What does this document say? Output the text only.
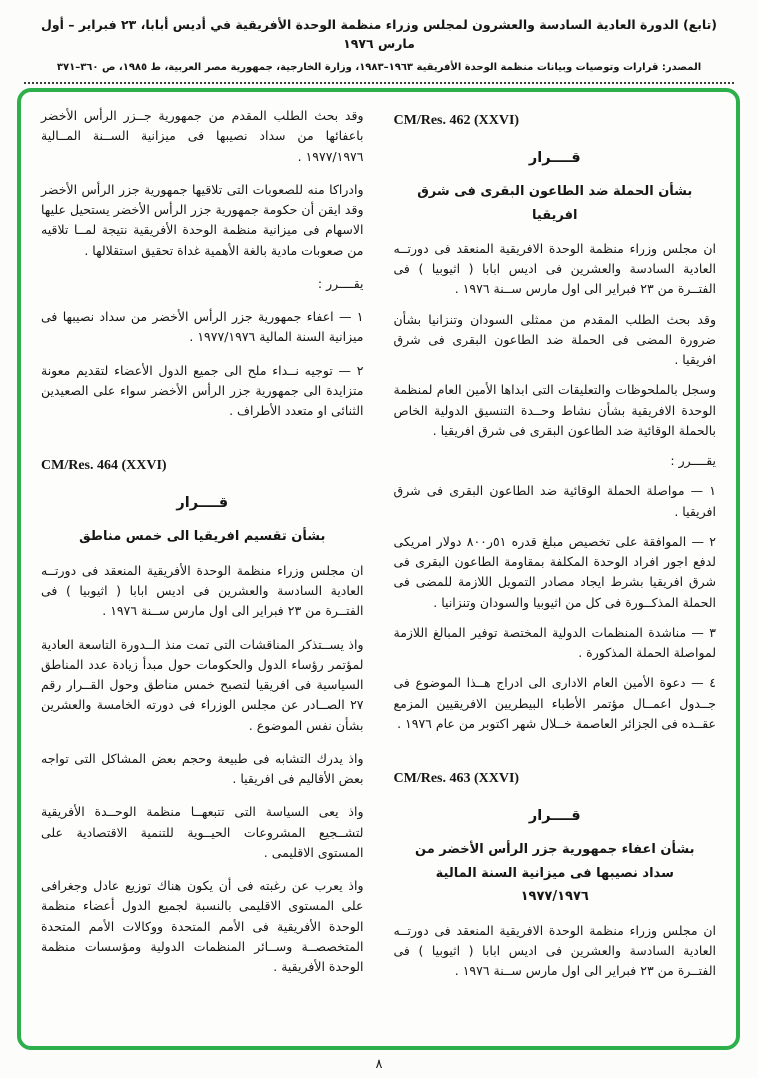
(تابع) الدورة العادية السادسة والعشرون لمجلس وزراء منظمة الوحدة الأفريقية في أديس أبابا، ٢٣ فبراير – أول مارس ١٩٧٦
المصدر: قرارات وتوصيات وبيانات منظمة الوحدة الأفريقية ١٩٦٣–١٩٨٣، وزارة الخارجية، جمهورية مصر العربية، ط ١٩٨٥، ص ٣٦٠–٣٧١
CM/Res. 462 (XXVI)
قــــرار
بشأن الحملة ضد الطاعون البقرى فى شرق افريقيا

ان مجلس وزراء منظمة الوحدة الافريقية المنعقد فى دورتــه العادية السادسة والعشرين فى اديس ابابا ( اثيوبيا ) فى الفتــرة من ٢٣ فبراير الى اول مارس ســنة ١٩٧٦ .

وقد بحث الطلب المقدم من ممثلى السودان وتنزانيا بشأن ضرورة المضى فى الحملة ضد الطاعون البقرى فى شرق افريقيا .

وسجل بالملحوظات والتعليقات التى ابداها الأمين العام لمنظمة الوحدة الافريقية بشأن نشاط وحــدة التنسيق الدولية الخاص بالحملة الوقائية ضد الطاعون البقرى فى شرق افريقيا .

يقــــرر :

١ — مواصلة الحملة الوقائية ضد الطاعون البقرى فى شرق افريقيا .

٢ — الموافقة على تخصيص مبلغ قدره ٥١ر٨٠٠ دولار امريكى لدفع اجور افراد الوحدة المكلفة بمقاومة الطاعون البقرى فى شرق افريقيا بشرط ايجاد مصادر التمويل اللازمة للمضى فى الحملة المذكــورة فى كل من اثيوبيا والسودان وتنزانيا .

٣ — مناشدة المنظمات الدولية المختصة توفير المبالغ اللازمة لمواصلة الحملة المذكورة .

٤ — دعوة الأمين العام الادارى الى ادراج هــذا الموضوع فى جــدول اعمــال مؤتمر الأطباء البيطريين الافريقيين المزمع عقــده فى الجزائر العاصمة خــلال شهر اكتوبر من عام ١٩٧٦ .

CM/Res. 463 (XXVI)
قــــرار
بشأن اعفاء جمهورية جزر الرأس الأخضر من سداد نصيبها فى ميزانية السنة المالية ١٩٧٧/١٩٧٦

ان مجلس وزراء منظمة الوحدة الافريقية المنعقد فى دورتــه العادية السادسة والعشرين فى اديس ابابا ( اثيوبيا ) فى الفتــرة من ٢٣ فبراير الى اول مارس ســنة ١٩٧٦ .

وقد بحث الطلب المقدم من جمهورية جــزر الرأس الأخضر باعفائها من سداد نصيبها فى ميزانية الســنة المــالية ١٩٧٧/١٩٧٦ .

وادراكا منه للصعوبات التى تلاقيها جمهورية جزر الرأس الأخضر وقد ايقن أن حكومة جمهورية جزر الرأس الأخضر يستحيل عليها الاسهام فى ميزانية منظمة الوحدة الأفريقية نتيجة لمــا تلاقيه من صعوبات مادية بالغة الأهمية غداة تحقيق استقلالها .

يقــــرر :

١ — اعفاء جمهورية جزر الرأس الأخضر من سداد نصيبها فى ميزانية السنة المالية ١٩٧٧/١٩٧٦ .

٢ — توجيه نــداء ملح الى جميع الدول الأعضاء لتقديم معونة متزايدة الى جمهورية جزر الرأس الأخضر سواء على الصعيدين الثنائى او متعدد الأطراف .

CM/Res. 464 (XXVI)
قــــرار
بشأن تقسيم افريقيا الى خمس مناطق

ان مجلس وزراء منظمة الوحدة الأفريقية المنعقد فى دورتــه العادية السادسة والعشرين فى اديس ابابا ( اثيوبيا ) فى الفتــرة من ٢٣ فبراير الى اول مارس ســنة ١٩٧٦ .

واذ يســتذكر المناقشات التى تمت منذ الــدورة التاسعة العادية لمؤتمر رؤساء الدول والحكومات حول مبدأ زيادة عدد المناطق السياسية فى افريقيا لتصبح خمس مناطق وحول القــرار رقم ٢٧ الصــادر عن مجلس الوزراء فى دورته الخامسة والعشرين بشأن نفس الموضوع .

واذ يدرك التشابه فى طبيعة وحجم بعض المشاكل التى تواجه بعض الأقاليم فى افريقيا .

واذ يعى السياسة التى تتبعهــا منظمة الوحــدة الأفريقية لتشــجيع المشروعات الحيــوية للتنمية الاقتصادية على المستوى الاقليمى .

واذ يعرب عن رغبته فى أن يكون هناك توزيع عادل وجغرافى على المستوى الاقليمى بالنسبة لجميع الدول أعضاء منظمة الوحدة الأفريقية فى الأمم المتحدة ووكالات الأمم المتحدة المتخصصــة وســائر المنظمات الدولية ومؤسسات منظمة الوحدة الأفريقية .

٨
